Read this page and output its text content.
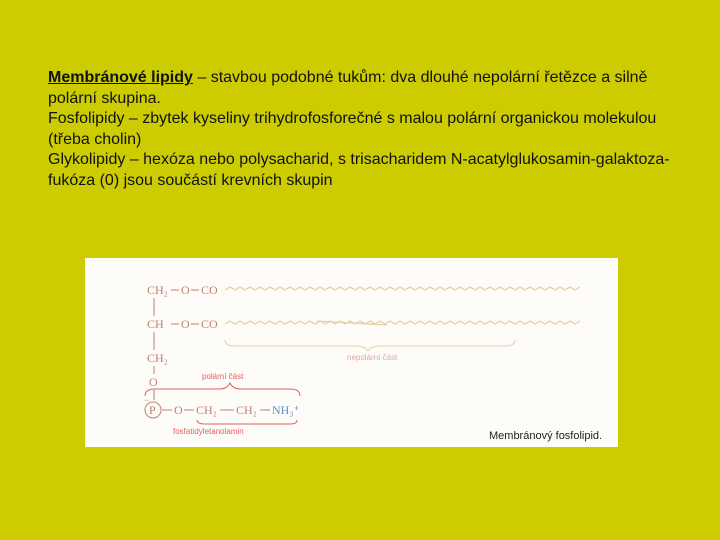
Membránové lipidy – stavbou podobné tukům: dva dlouhé nepolární řetězce a silně polární skupina.

Fosfolipidy – zbytek kyseliny trihydrofosforečné s malou polární organickou molekulou (třeba cholin)

Glykolipidy – hexóza nebo polysacharid, s trisacharidem N-acatylglukosamin-galaktoza-fukóza (0) jsou součástí krevních skupin

CH₂ O CO
CH O CO
CH₂
O
P
−
O CH₂ CH₂ NH₃⁺
nepolární část
polární část
fosfatidyletanolamin	Membránový fosfolipid.
